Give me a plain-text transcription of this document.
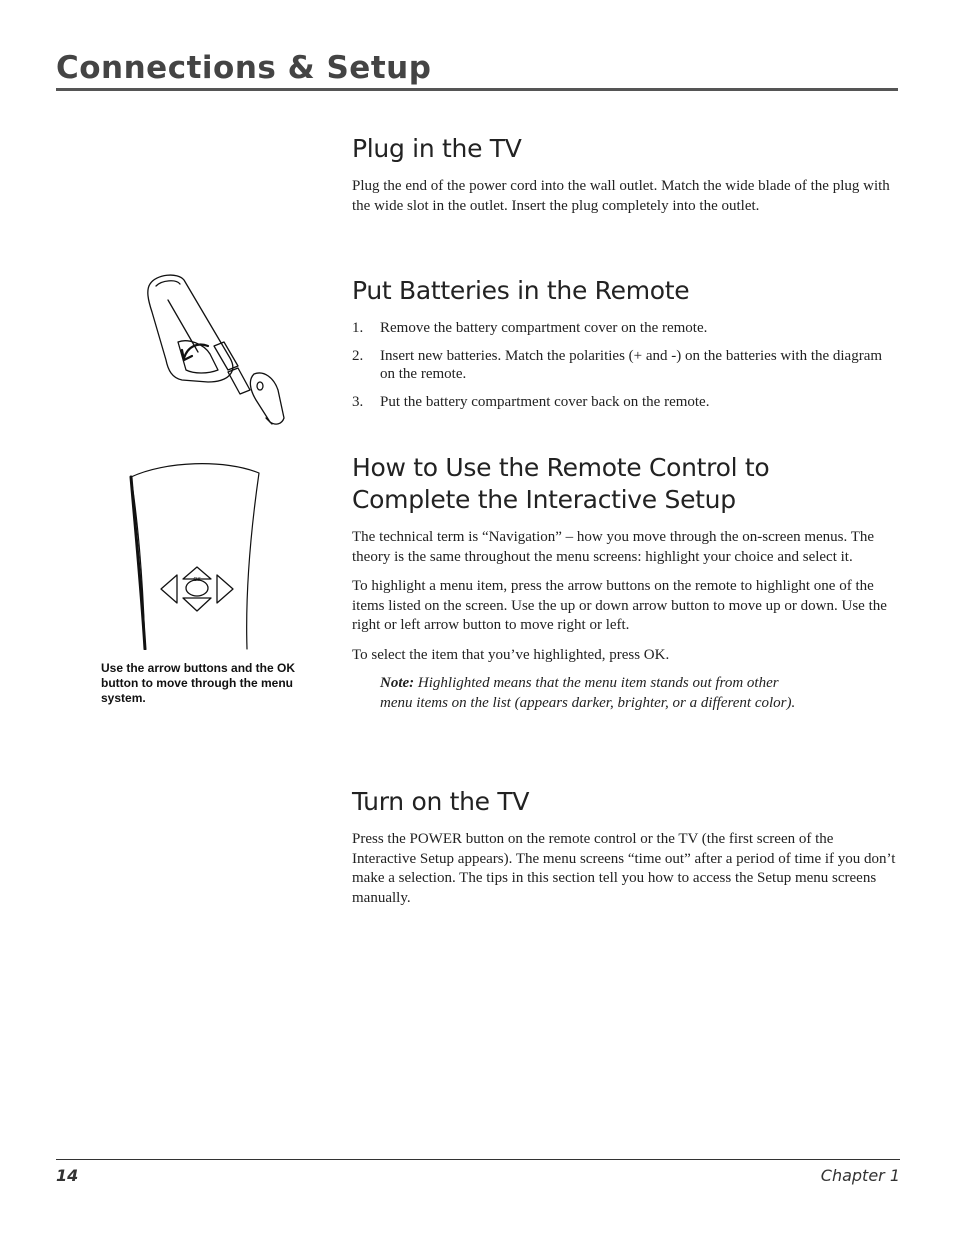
Connections & Setup
Plug in the TV

Plug the end of the power cord into the wall outlet. Match the wide blade of the plug with the wide slot in the outlet. Insert the plug completely into the outlet.

Put Batteries in the Remote
1. Remove the battery compartment cover on the remote.
2. Insert new batteries. Match the polarities (+ and -) on the batteries with the diagram on the remote.
3. Put the battery compartment cover back on the remote.
How to Use the Remote Control to Complete the Interactive Setup

The technical term is “Navigation” – how you move through the on-screen menus. The theory is the same throughout the menu screens: highlight your choice and select it.

To highlight a menu item, press the arrow buttons on the remote to highlight one of the items listed on the screen. Use the up or down arrow button to move up or down. Use the right or left arrow button to move right or left.

To select the item that you’ve highlighted, press OK.

Note: Highlighted means that the menu item stands out from other menu items on the list (appears darker, brighter, or a different color).

Turn on the TV

Press the POWER button on the remote control or the TV (the first screen of the Interactive Setup appears). The menu screens “time out” after a period of time if you don’t make a selection. The tips in this section tell you how to access the Setup menu screens manually.

OK
Use the arrow buttons and the OK button to move through the menu system.
14	Chapter 1
